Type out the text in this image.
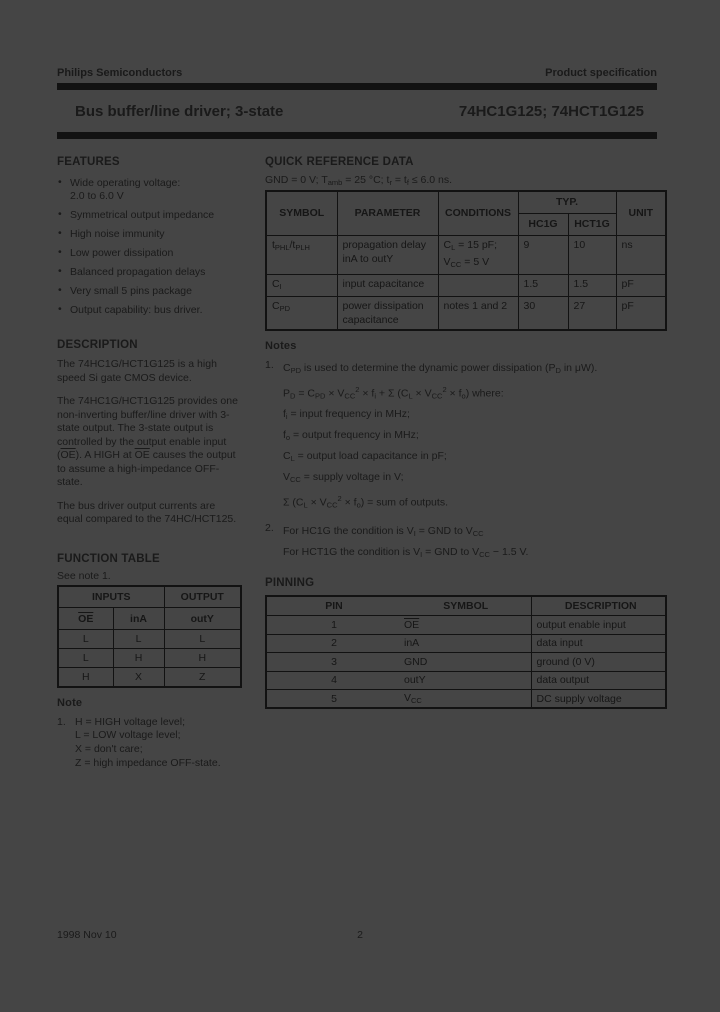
Philips Semiconductors	Product specification
Bus buffer/line driver; 3-state	74HC1G125; 74HCT1G125
FEATURES
• Wide operating voltage:
2.0 to 6.0 V
• Symmetrical output impedance
• High noise immunity
• Low power dissipation
• Balanced propagation delays
• Very small 5 pins package
• Output capability: bus driver.
DESCRIPTION

The 74HC1G/HCT1G125 is a high speed Si gate CMOS device.

The 74HC1G/HCT1G125 provides one non-inverting buffer/line driver with 3-state output. The 3-state output is controlled by the output enable input $(\overline{OE})$. A HIGH at $\overline{OE}$ causes the output to assume a high-impedance OFF-state.

The bus driver output currents are equal compared to the 74HC/HCT125.

FUNCTION TABLE

See note 1.

INPUTS		OUTPUT
$\overline{OE}$	inA	outY
L	L	L
L	H	H
H	X	Z
Note
1. H = HIGH voltage level;
L = LOW voltage level;
X = don't care;
Z = high impedance OFF-state.
QUICK REFERENCE DATA

GND = 0 V; Tamb = 25 °C; tr = tf ≤ 6.0 ns.

SYMBOL	PARAMETER	CONDITIONS	TYP.		UNIT
			HC1G	HCT1G	
tPHL/tPLH	propagation delay inA to outY	CL = 15 pF; VCC = 5 V	9	10	ns
CI	input capacitance		1.5	1.5	pF
CPD	power dissipation capacitance	notes 1 and 2	30	27	pF
Notes
1. CPD is used to determine the dynamic power dissipation (PD in μW).
PD = CPD × $VCC^2$ × fi + Σ $(CL \times VCC^2 \times fo)$ where:
fi = input frequency in MHz;
fo = output frequency in MHz;
CL = output load capacitance in pF;
VCC = supply voltage in V;
Σ $(CL \times VCC^2 \times fo)$ = sum of outputs.
2. For HC1G the condition is VI = GND to VCC
For HCT1G the condition is VI = GND to VCC − 1.5 V.
PINNING
PIN	SYMBOL	DESCRIPTION
1	$\overline{OE}$	output enable input
2	inA	data input
3	GND	ground (0 V)
4	outY	data output
5	VCC	DC supply voltage
1998 Nov 10	2
